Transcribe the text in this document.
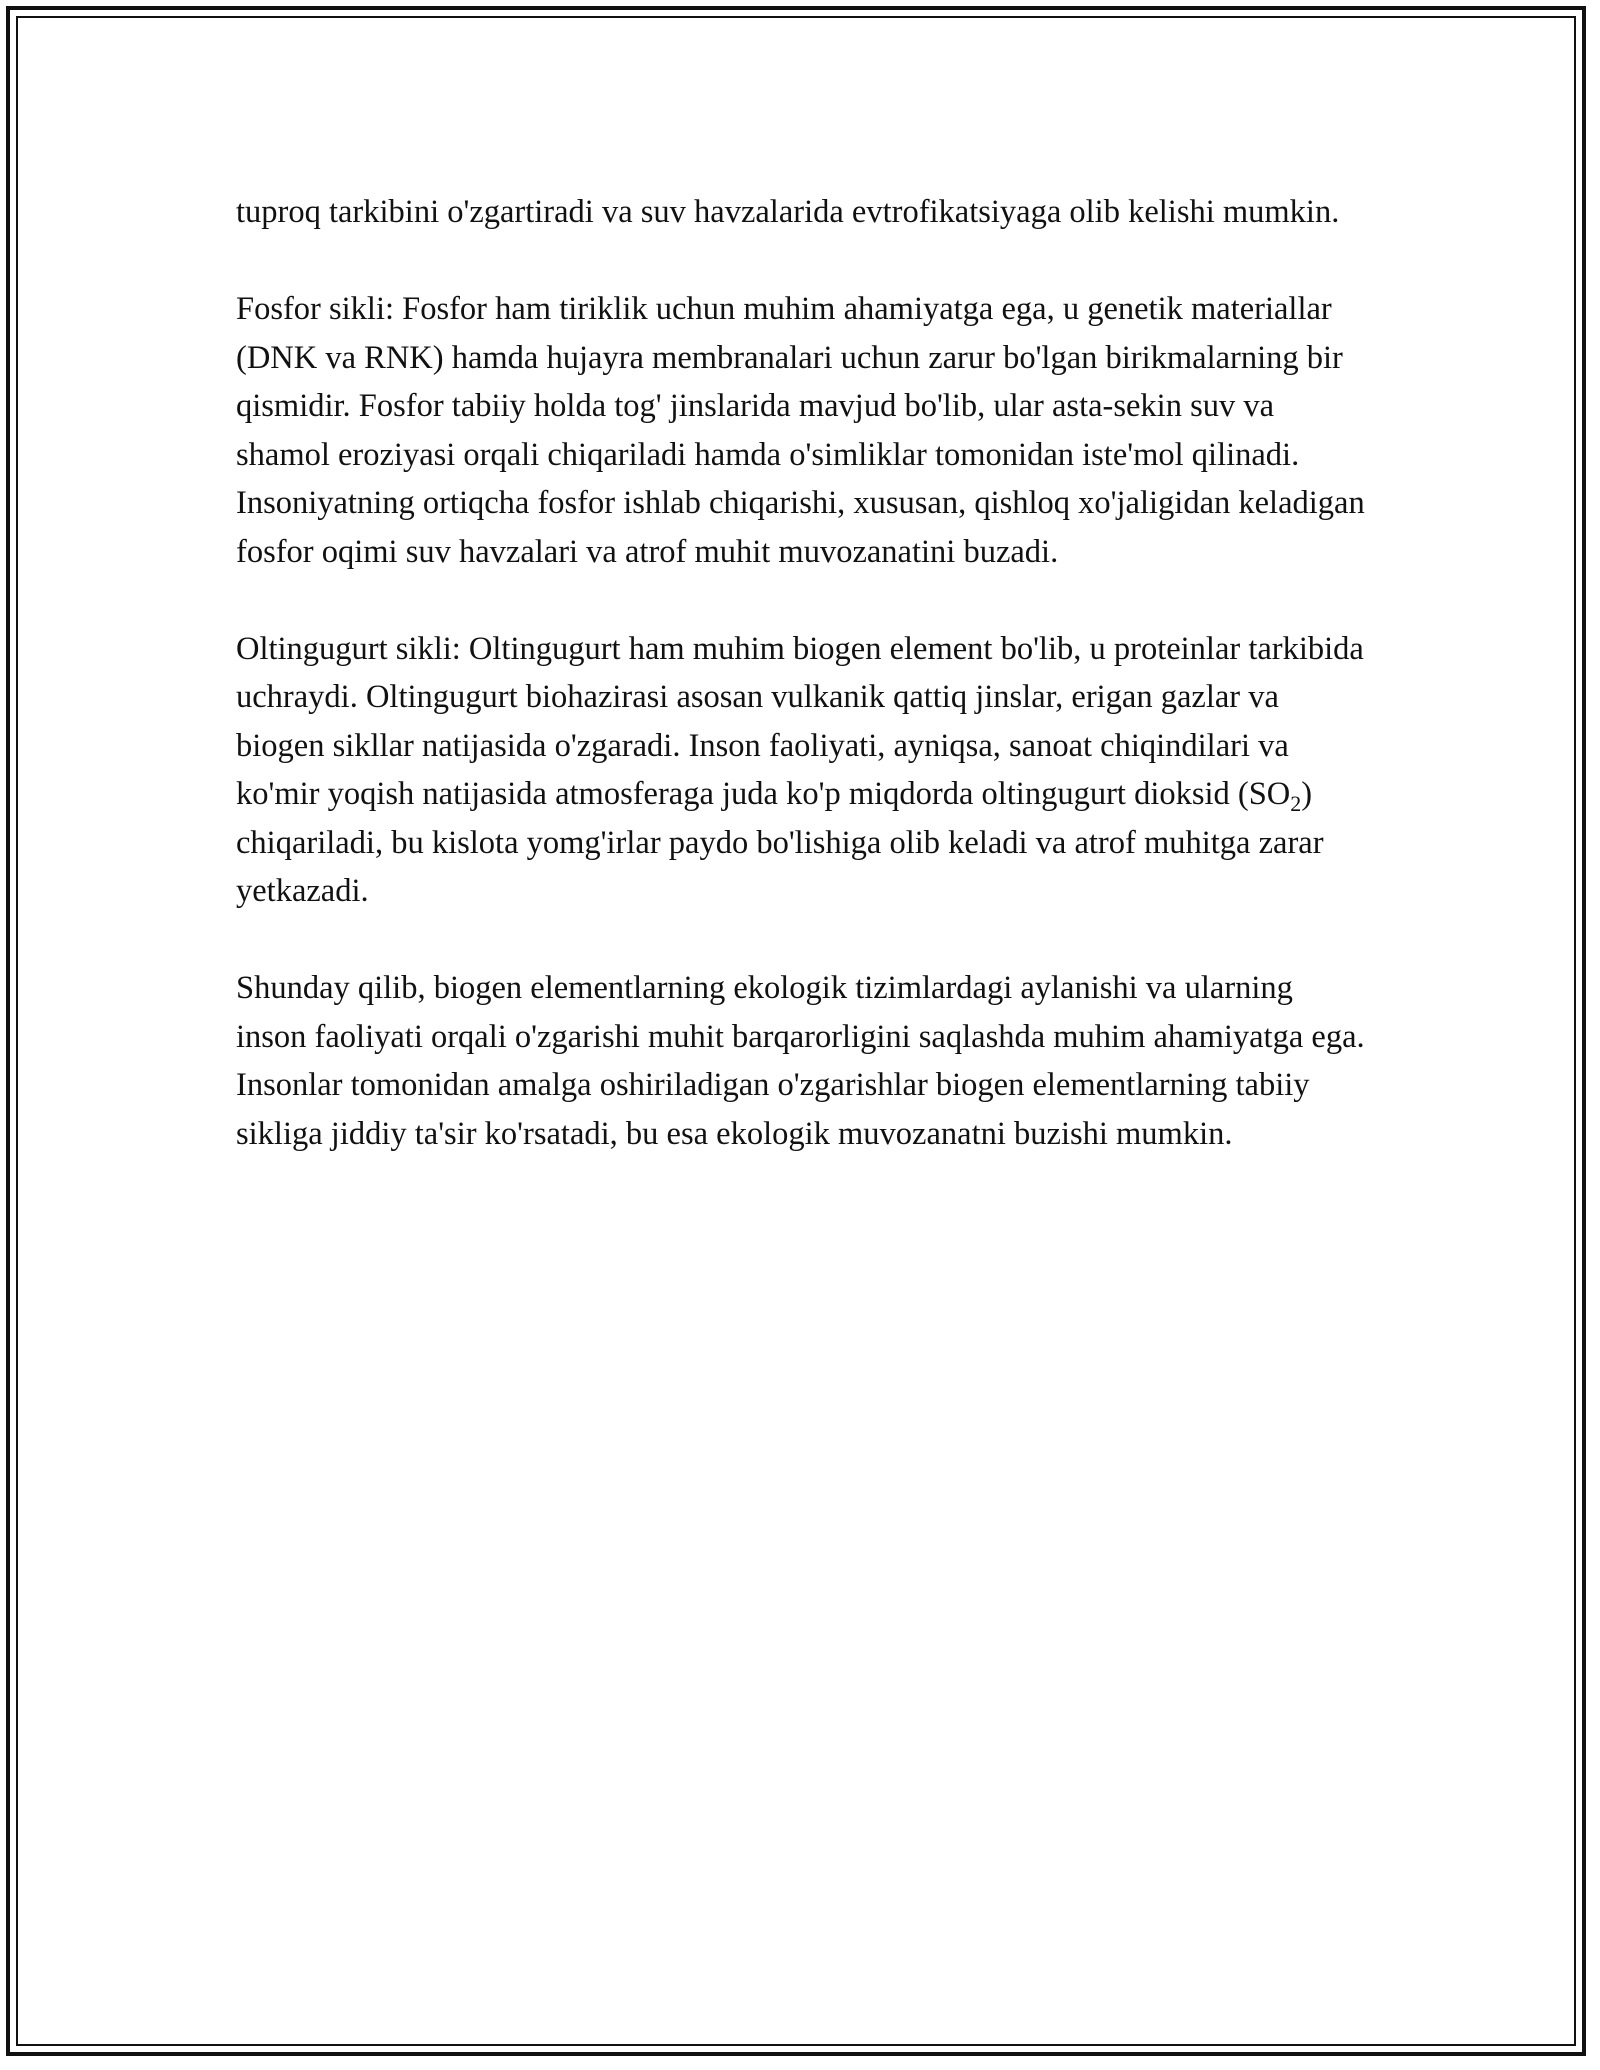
tuproq tarkibini o'zgartiradi va suv havzalarida evtrofikatsiyaga olib kelishi mumkin.

Fosfor sikli: Fosfor ham tiriklik uchun muhim ahamiyatga ega, u genetik materiallar (DNK va RNK) hamda hujayra membranalari uchun zarur bo'lgan birikmalarning bir qismidir. Fosfor tabiiy holda tog' jinslarida mavjud bo'lib, ular asta-sekin suv va shamol eroziyasi orqali chiqariladi hamda o'simliklar tomonidan iste'mol qilinadi. Insoniyatning ortiqcha fosfor ishlab chiqarishi, xususan, qishloq xo'jaligidan keladigan fosfor oqimi suv havzalari va atrof muhit muvozanatini buzadi.

Oltingugurt sikli: Oltingugurt ham muhim biogen element bo'lib, u proteinlar tarkibida uchraydi. Oltingugurt biohazirasi asosan vulkanik qattiq jinslar, erigan gazlar va biogen sikllar natijasida o'zgaradi. Inson faoliyati, ayniqsa, sanoat chiqindilari va ko'mir yoqish natijasida atmosferaga juda ko'p miqdorda oltingugurt dioksid $(SO_2)$ chiqariladi, bu kislota yomg'irlar paydo bo'lishiga olib keladi va atrof muhitga zarar yetkazadi.

Shunday qilib, biogen elementlarning ekologik tizimlardagi aylanishi va ularning inson faoliyati orqali o'zgarishi muhit barqarorligini saqlashda muhim ahamiyatga ega. Insonlar tomonidan amalga oshiriladigan o'zgarishlar biogen elementlarning tabiiy sikliga jiddiy ta'sir ko'rsatadi, bu esa ekologik muvozanatni buzishi mumkin.
